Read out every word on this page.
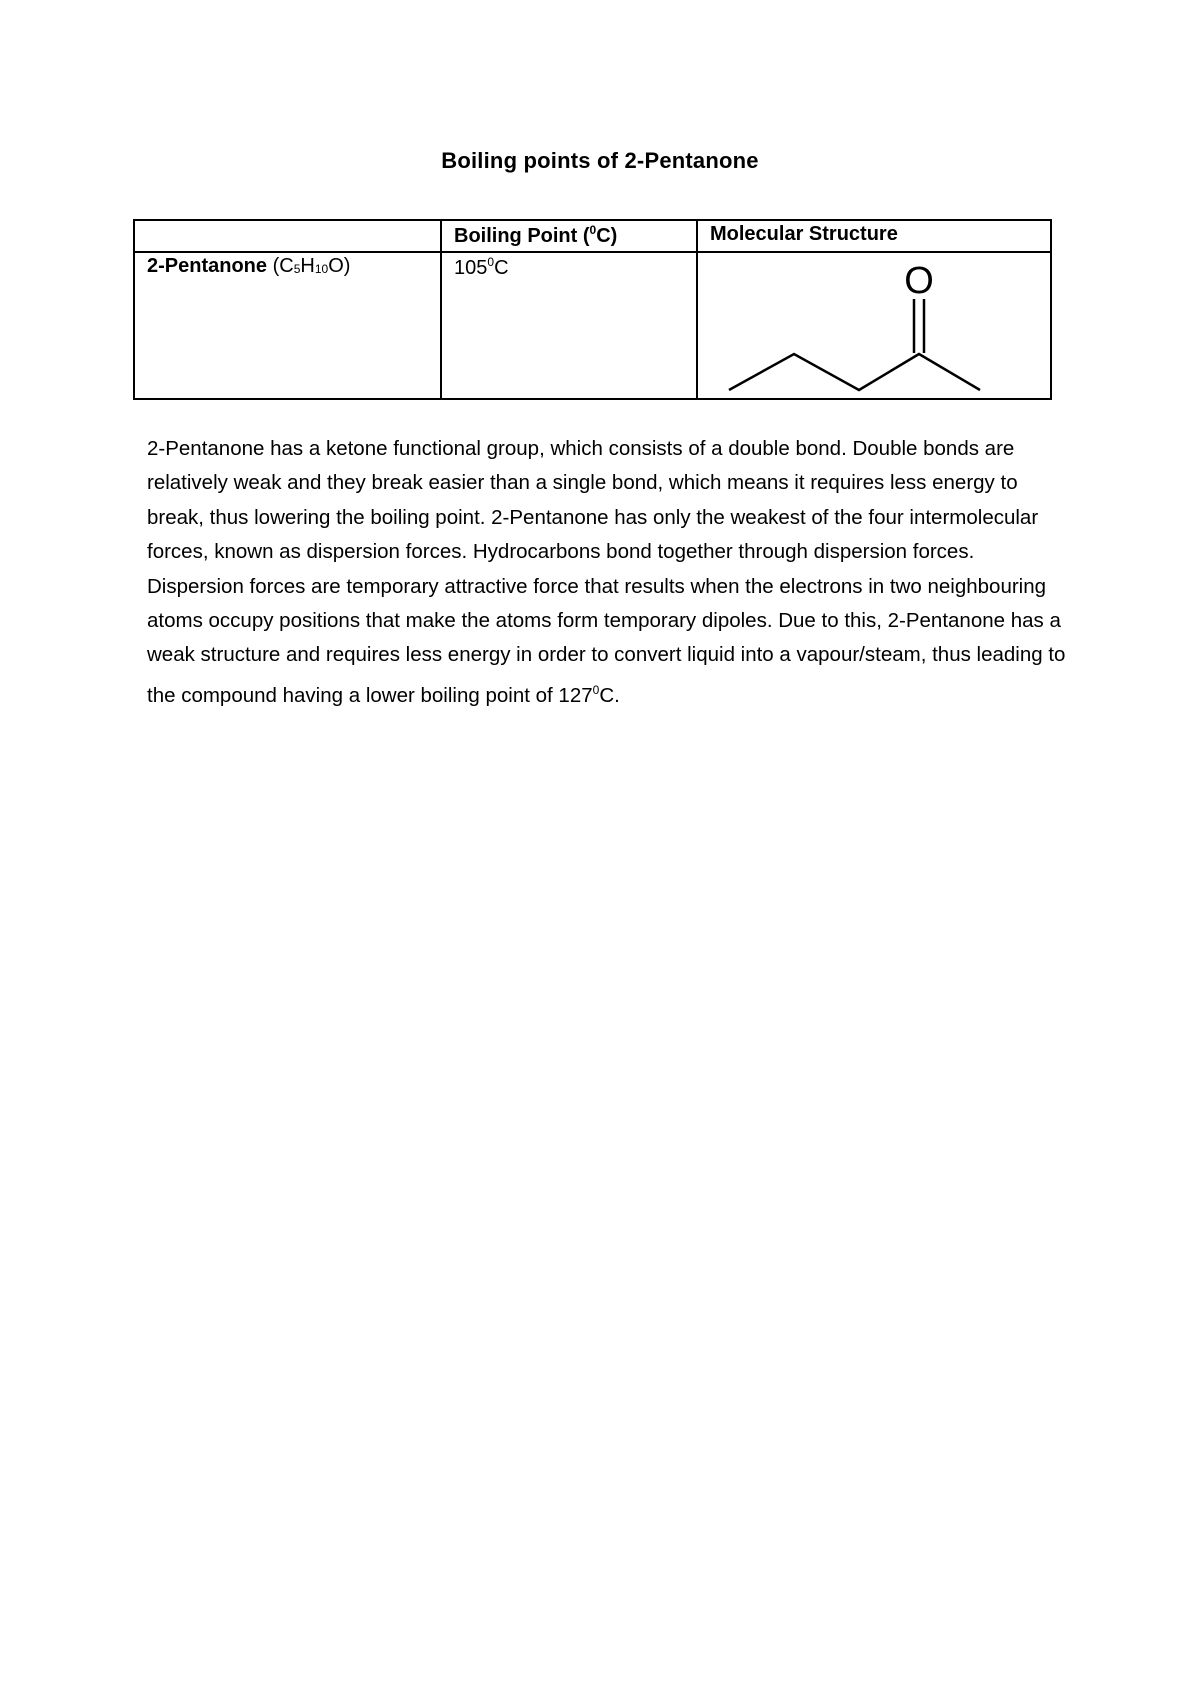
Boiling points of 2-Pentanone
	Boiling Point ($^0$C)	Molecular Structure
2-Pentanone $(C_5H_{10}O)$	$105^0C$	O

2-Pentanone has a ketone functional group, which consists of a double bond. Double bonds are relatively weak and they break easier than a single bond, which means it requires less energy to break, thus lowering the boiling point. 2-Pentanone has only the weakest of the four intermolecular forces, known as dispersion forces. Hydrocarbons bond together through dispersion forces. Dispersion forces are temporary attractive force that results when the electrons in two neighbouring atoms occupy positions that make the atoms form temporary dipoles. Due to this, 2-Pentanone has a weak structure and requires less energy in order to convert liquid into a vapour/steam, thus leading to the compound having a lower boiling point of $127^0C$.
